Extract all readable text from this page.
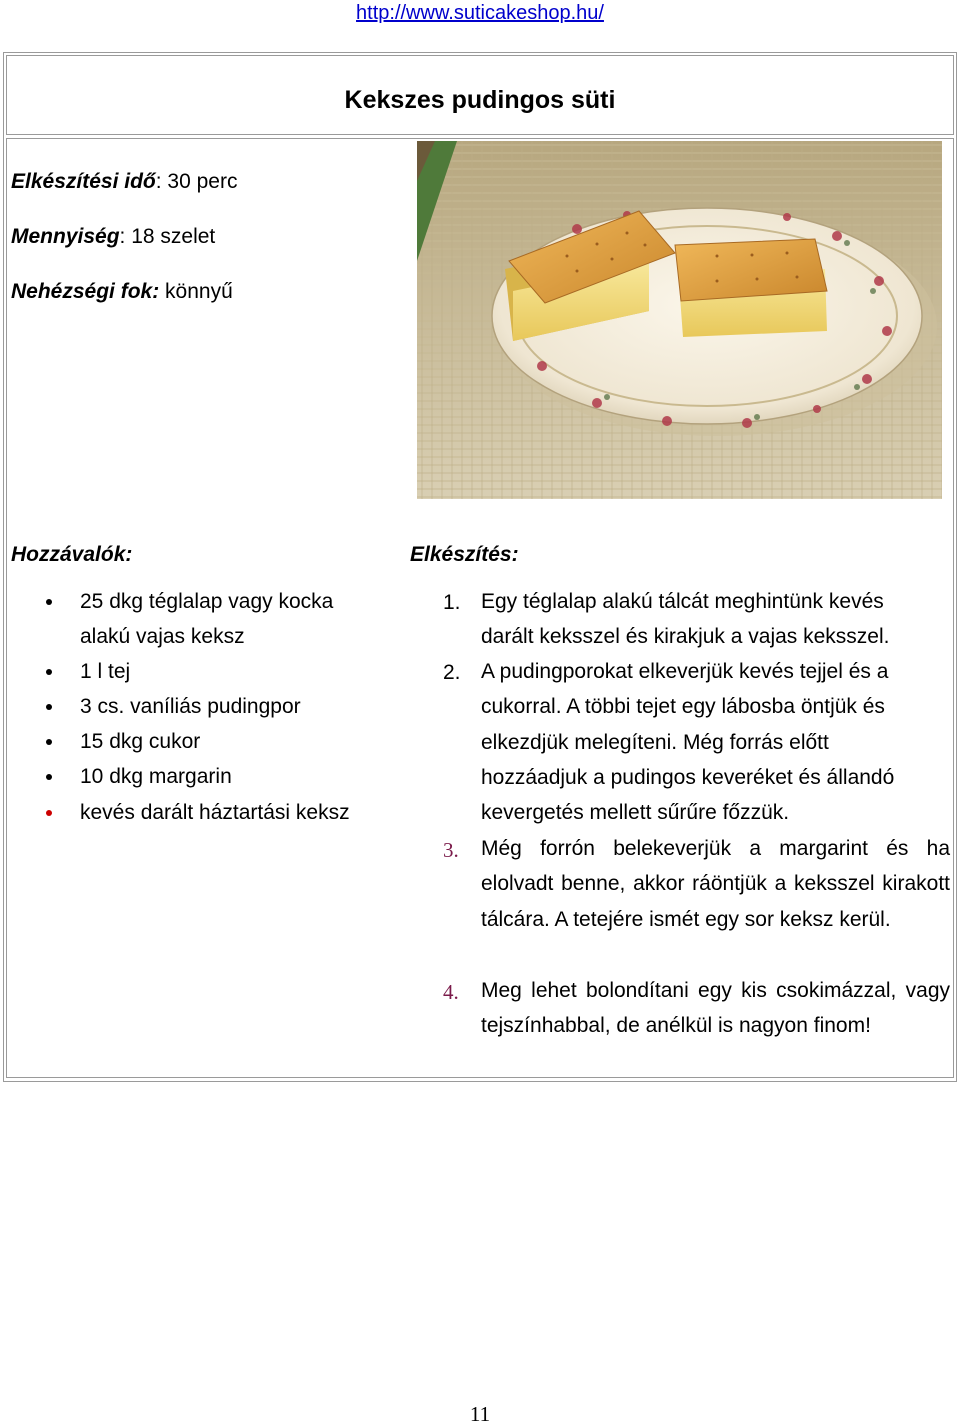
http://www.suticakeshop.hu/
Kekszes pudingos süti
Elkészítési idő: 30 perc
Mennyiség: 18 szelet
Nehézségi fok: könnyű
Hozzávalók:
25 dkg téglalap vagy kocka
alakú vajas keksz
1 l tej
3 cs. vaníliás pudingpor
15 dkg cukor
10 dkg margarin
kevés darált háztartási keksz
Elkészítés:
1. Egy téglalap alakú tálcát meghintünk kevés
darált keksszel és kirakjuk a vajas keksszel.
2. A pudingporokat elkeverjük kevés tejjel és a
cukorral. A többi tejet egy lábosba öntjük és
elkezdjük melegíteni. Még forrás előtt
hozzáadjuk a pudingos keveréket és állandó
kevergetés mellett sűrűre főzzük.
3. Még forrón belekeverjük a margarint és ha elolvadt benne, akkor ráöntjük a keksszel kirakott tálcára. A tetejére ismét egy sor keksz kerül.
4. Meg lehet bolondítani egy kis csokimázzal, vagy tejszínhabbal, de anélkül is nagyon finom!
11
